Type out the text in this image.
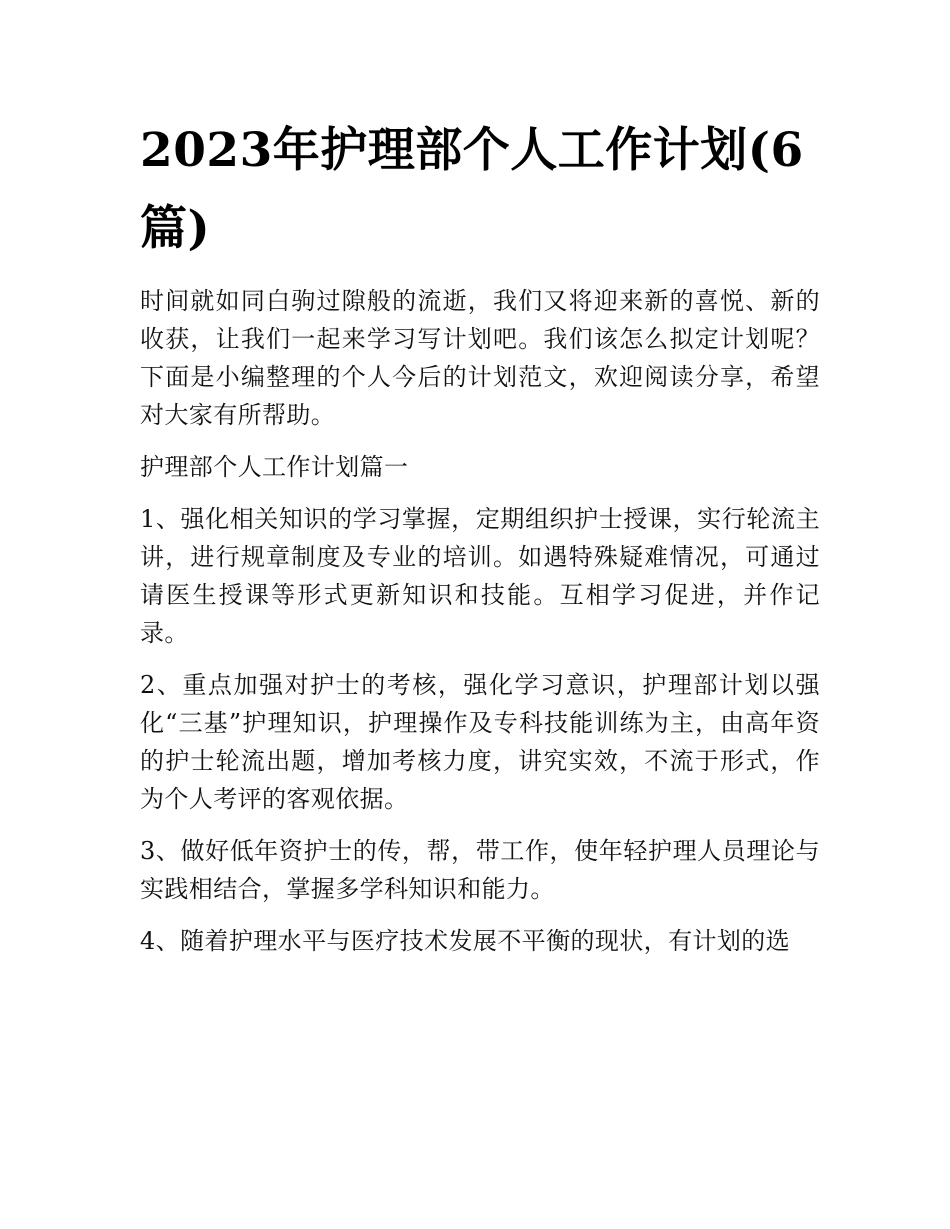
2023年护理部个人工作计划(6篇)

时间就如同白驹过隙般的流逝，我们又将迎来新的喜悦、新的收获，让我们一起来学习写计划吧。我们该怎么拟定计划呢？下面是小编整理的个人今后的计划范文，欢迎阅读分享，希望对大家有所帮助。

护理部个人工作计划篇一

1、强化相关知识的学习掌握，定期组织护士授课，实行轮流主讲，进行规章制度及专业的培训。如遇特殊疑难情况，可通过请医生授课等形式更新知识和技能。互相学习促进，并作记录。

2、重点加强对护士的考核，强化学习意识，护理部计划以强化“三基”护理知识，护理操作及专科技能训练为主，由高年资的护士轮流出题，增加考核力度，讲究实效，不流于形式，作为个人考评的客观依据。

3、做好低年资护士的传，帮，带工作，使年轻护理人员理论与实践相结合，掌握多学科知识和能力。

4、随着护理水平与医疗技术发展不平衡的现状，有计划的选
